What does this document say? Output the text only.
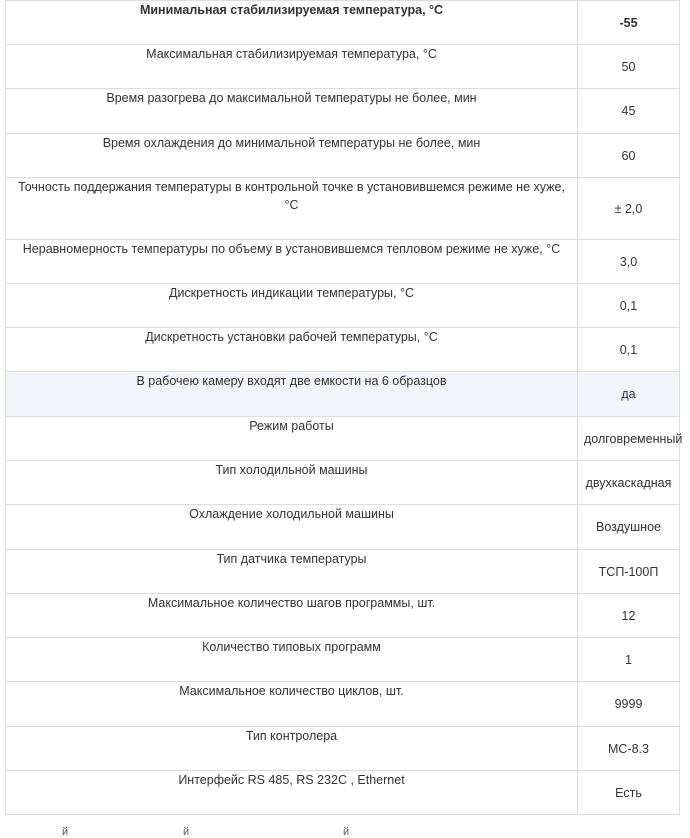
Минимальная стабилизируемая температура, °С	-55
Максимальная стабилизируемая температура, °С	50
Время разогрева до максимальной температуры не более, мин	45
Время охлаждения до минимальной температуры не более, мин	60
Точность поддержания температуры в контрольной точке в установившемся режиме не хуже, °С	± 2,0
Неравномерность температуры по объему в установившемся тепловом режиме не хуже, °С	3,0
Дискретность индикации температуры, °С	0,1
Дискретность установки рабочей температуры, °С	0,1
В рабочею камеру входят две емкости на 6 образцов	да
Режим работы	долговременный
Тип холодильной машины	двухкаскадная
Охлаждение холодильной машины	Воздушное
Тип датчика температуры	ТСП-100П
Максимальное количество шагов программы, шт.	12
Количество типовых программ	1
Максимальное количество циклов, шт.	9999
Тип контролера	МС-8.3
Интерфейс RS 485, RS 232С , Ethernet	Есть
й	й	й
